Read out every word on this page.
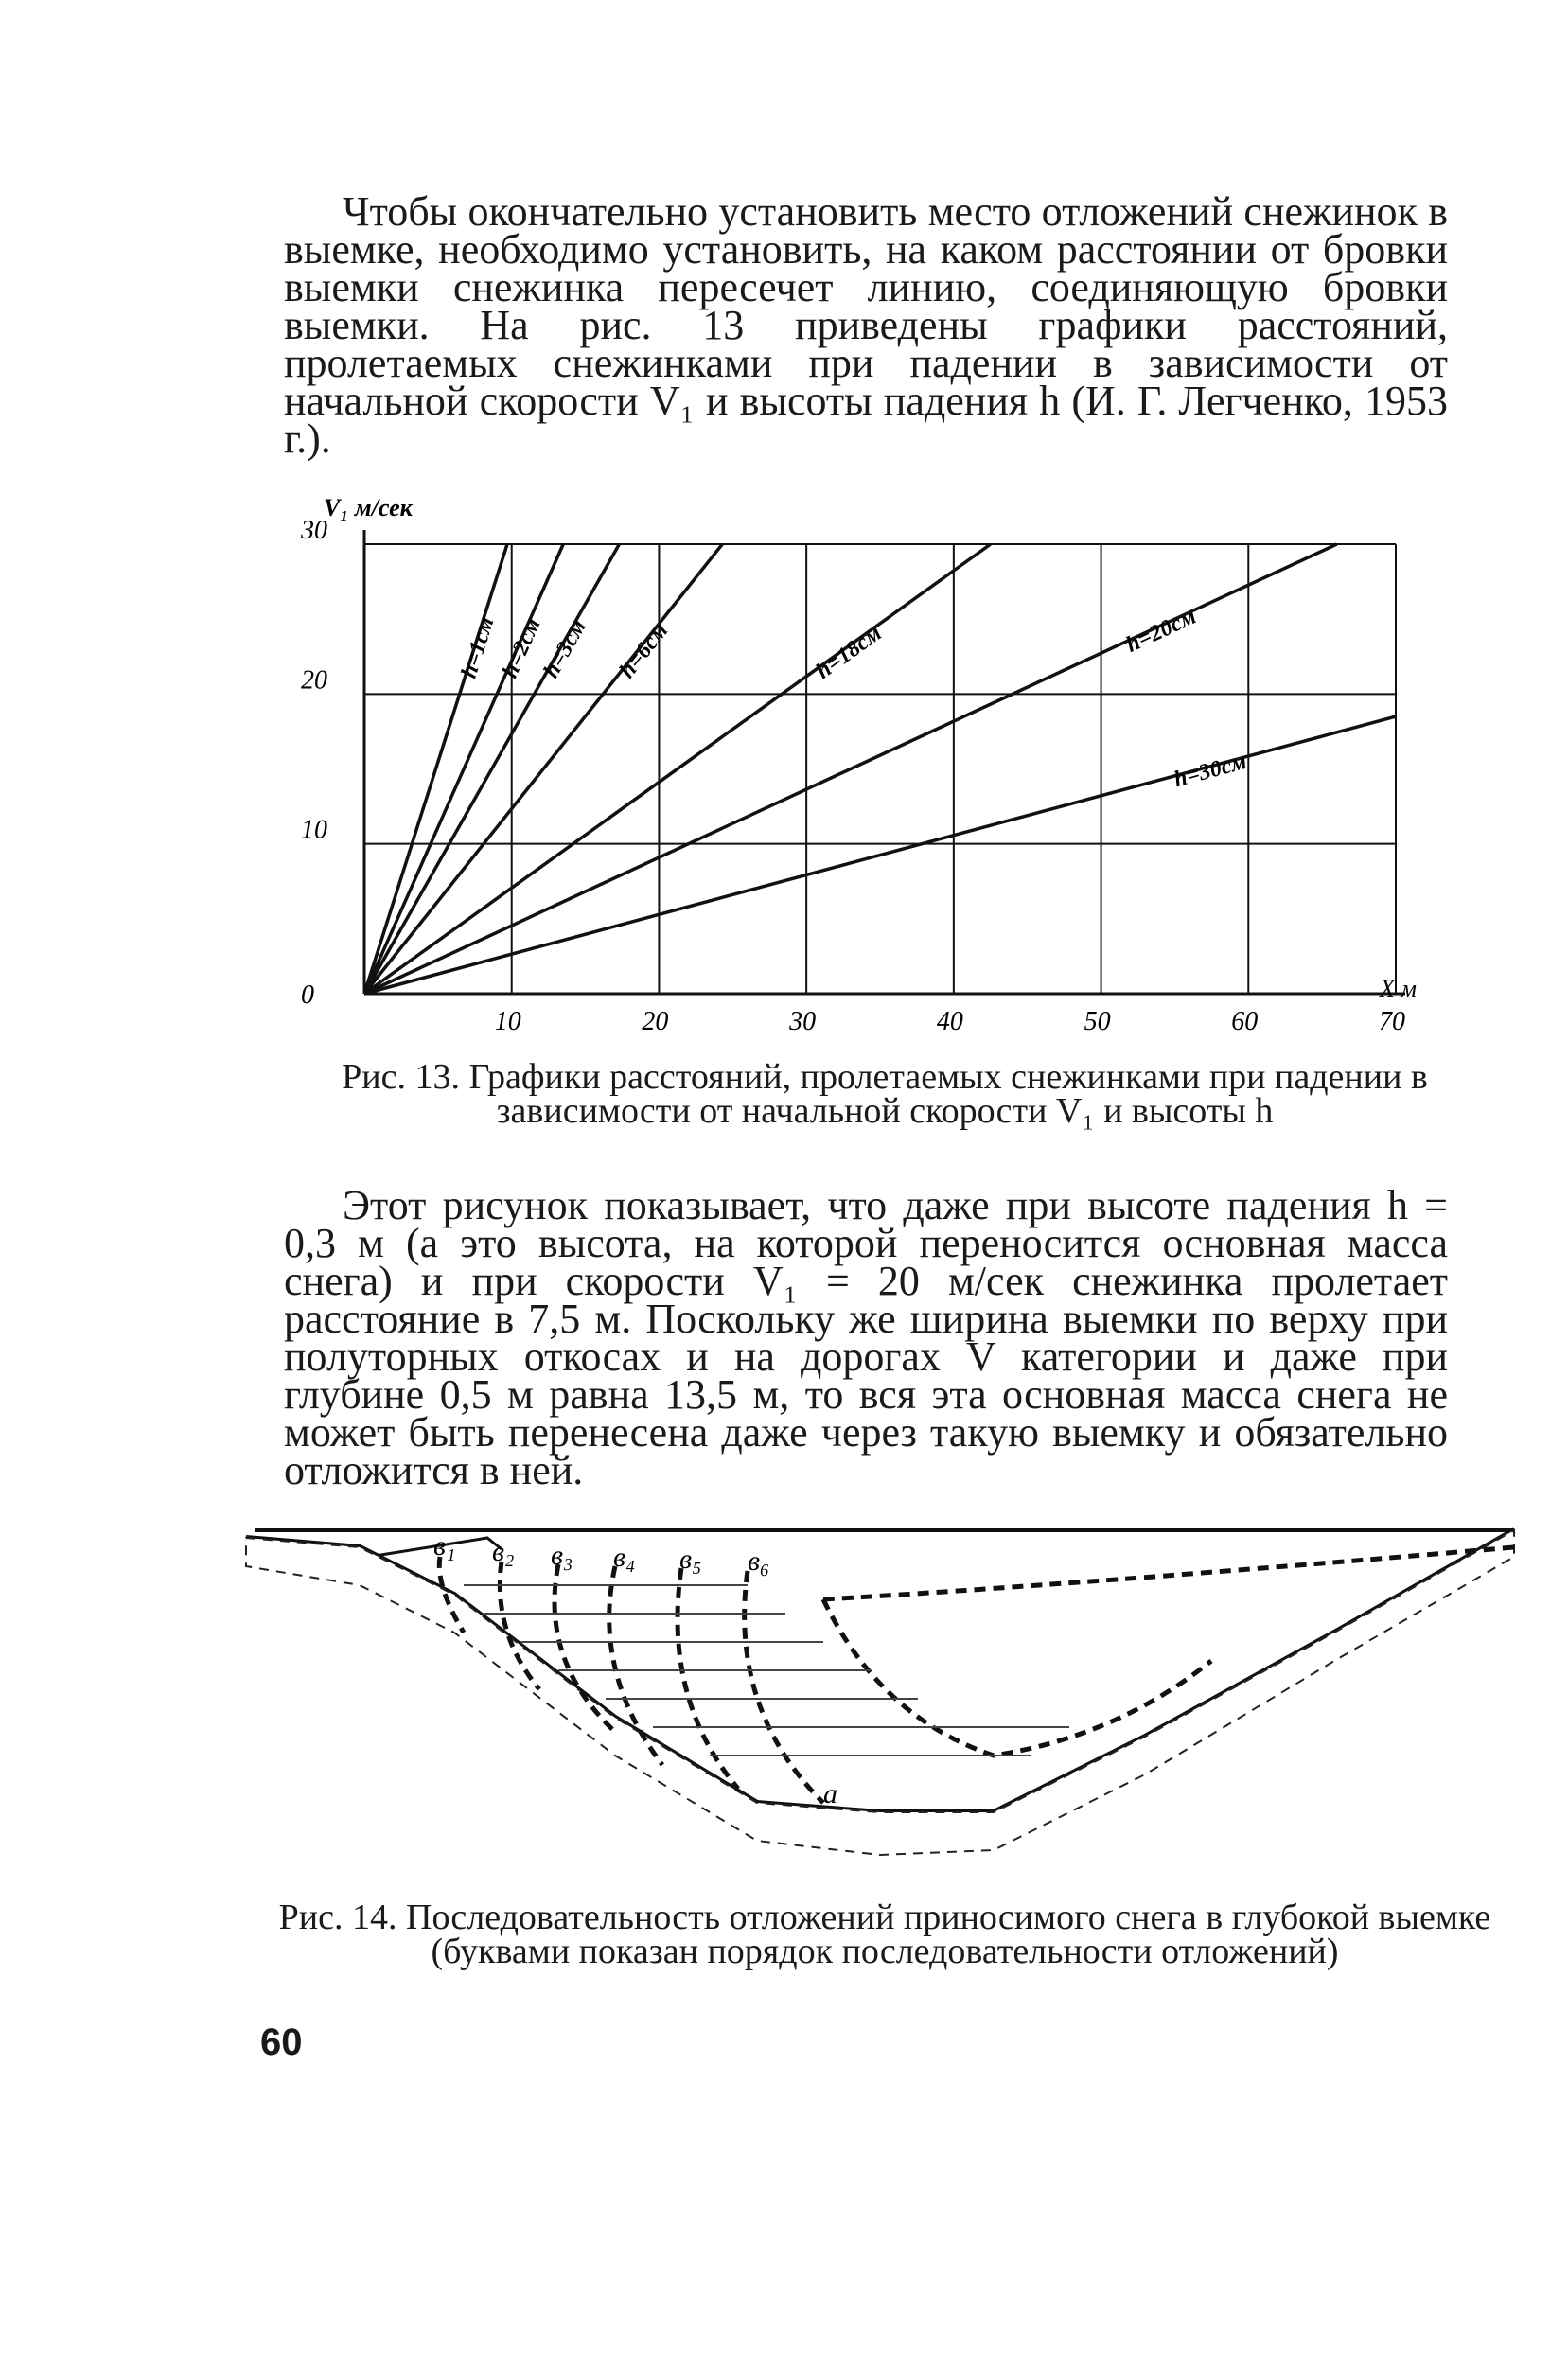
Чтобы окончательно установить место отложений снежинок в выемке, необходимо установить, на каком расстоянии от бровки выемки снежинка пересечет линию, соединяющую бровки выемки. На рис. 13 приведены графики расстояний, пролетаемых снежинками при падении в зависимости от начальной скорости V₁ и высоты падения h (И. Г. Легченко, 1953 г.).

h=1см
h=2см
h=3см h=6см	h=18см	h=20см
h=30см
10	20	30	40	50	60	70
0
10
20
30
V₁ м/сек
X м

Рис. 13. Графики расстояний, пролетаемых снежинками при падении в зависимости от начальной скорости V₁ и высоты h

Этот рисунок показывает, что даже при высоте падения h = 0,3 м (а это высота, на которой переносится основная масса снега) и при скорости V₁ = 20 м/сек снежинка пролетает расстояние в 7,5 м. Поскольку же ширина выемки по верху при полуторных откосах и на дорогах V категории и даже при глубине 0,5 м равна 13,5 м, то вся эта основная масса снега не может быть перенесена даже через такую выемку и обязательно отложится в ней.

в₁ в₂ в₃ в₄ в₅ в₆
а

Рис. 14. Последовательность отложений приносимого снега в глубокой выемке (буквами показан порядок последовательности отложений)

60
